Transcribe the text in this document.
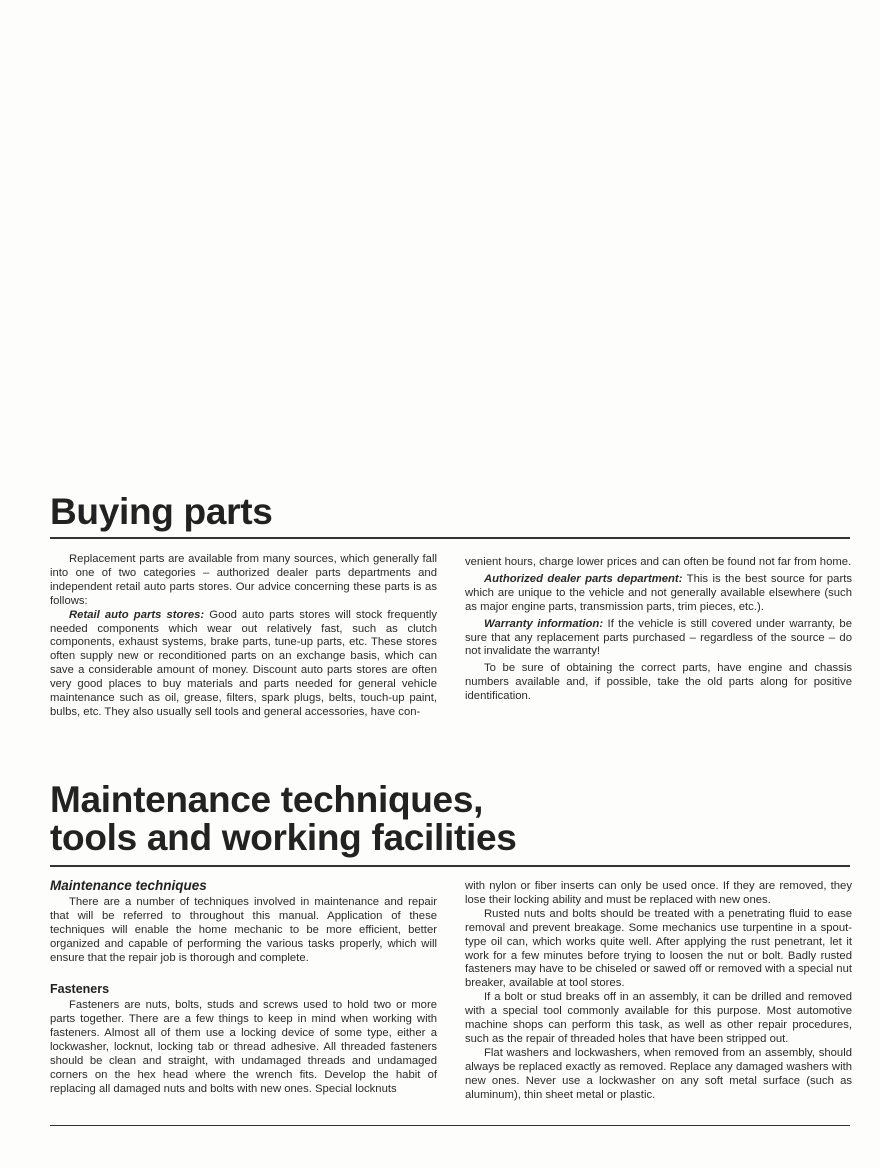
Buying parts

Replacement parts are available from many sources, which generally fall into one of two categories – authorized dealer parts departments and independent retail auto parts stores. Our advice concerning these parts is as follows:

Retail auto parts stores: Good auto parts stores will stock frequently needed components which wear out relatively fast, such as clutch components, exhaust systems, brake parts, tune-up parts, etc. These stores often supply new or reconditioned parts on an exchange basis, which can save a considerable amount of money. Discount auto parts stores are often very good places to buy materials and parts needed for general vehicle maintenance such as oil, grease, filters, spark plugs, belts, touch-up paint, bulbs, etc. They also usually sell tools and general accessories, have con-

venient hours, charge lower prices and can often be found not far from home.

Authorized dealer parts department: This is the best source for parts which are unique to the vehicle and not generally available elsewhere (such as major engine parts, transmission parts, trim pieces, etc.).

Warranty information: If the vehicle is still covered under warranty, be sure that any replacement parts purchased – regardless of the source – do not invalidate the warranty!

To be sure of obtaining the correct parts, have engine and chassis numbers available and, if possible, take the old parts along for positive identification.

Maintenance techniques,
tools and working facilities
Maintenance techniques

There are a number of techniques involved in maintenance and repair that will be referred to throughout this manual. Application of these techniques will enable the home mechanic to be more efficient, better organized and capable of performing the various tasks properly, which will ensure that the repair job is thorough and complete.

Fasteners

Fasteners are nuts, bolts, studs and screws used to hold two or more parts together. There are a few things to keep in mind when working with fasteners. Almost all of them use a locking device of some type, either a lockwasher, locknut, locking tab or thread adhesive. All threaded fasteners should be clean and straight, with undamaged threads and undamaged corners on the hex head where the wrench fits. Develop the habit of replacing all damaged nuts and bolts with new ones. Special locknuts

with nylon or fiber inserts can only be used once. If they are removed, they lose their locking ability and must be replaced with new ones.

Rusted nuts and bolts should be treated with a penetrating fluid to ease removal and prevent breakage. Some mechanics use turpentine in a spout-type oil can, which works quite well. After applying the rust penetrant, let it work for a few minutes before trying to loosen the nut or bolt. Badly rusted fasteners may have to be chiseled or sawed off or removed with a special nut breaker, available at tool stores.

If a bolt or stud breaks off in an assembly, it can be drilled and removed with a special tool commonly available for this purpose. Most automotive machine shops can perform this task, as well as other repair procedures, such as the repair of threaded holes that have been stripped out.

Flat washers and lockwashers, when removed from an assembly, should always be replaced exactly as removed. Replace any damaged washers with new ones. Never use a lockwasher on any soft metal surface (such as aluminum), thin sheet metal or plastic.
